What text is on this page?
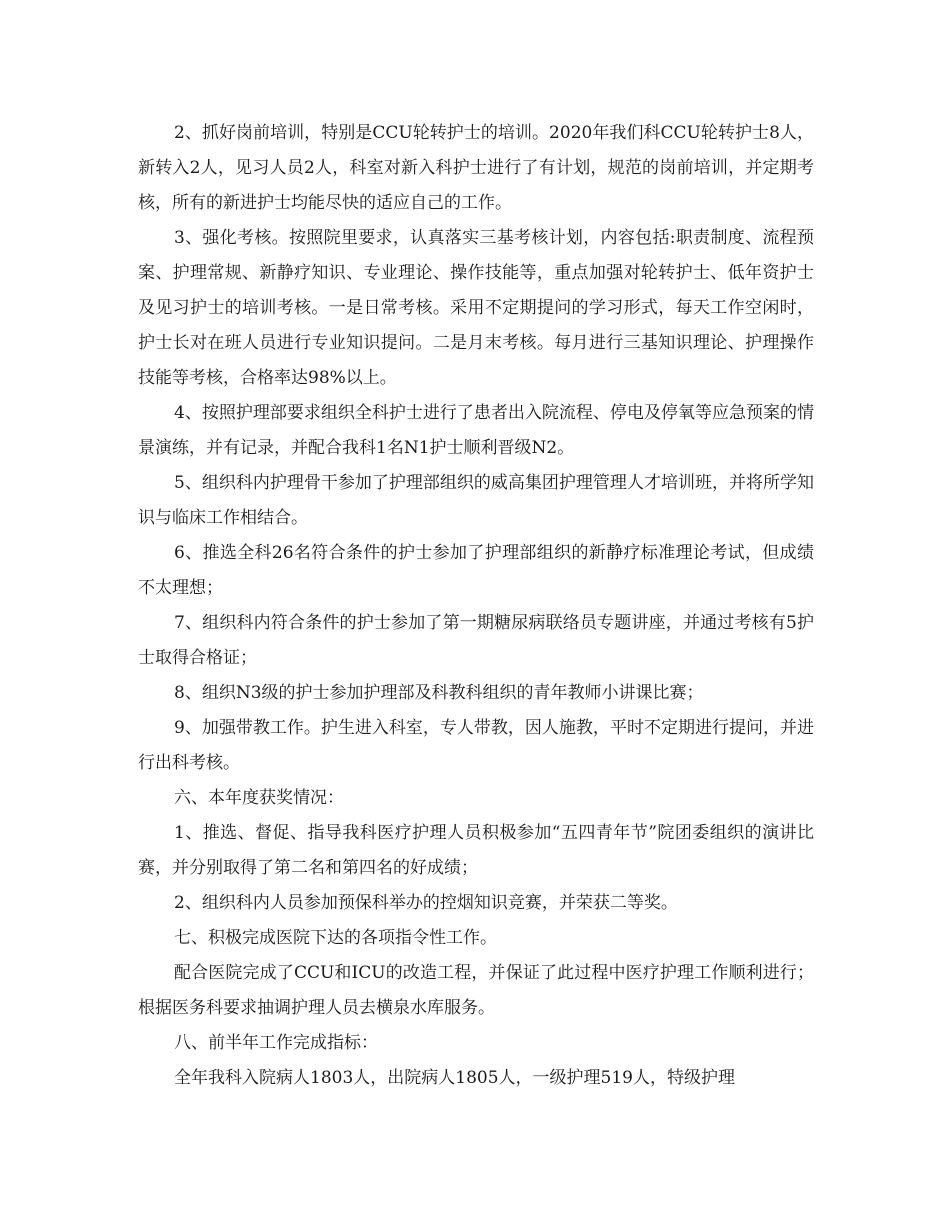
2、抓好岗前培训，特别是CCU轮转护士的培训。2020年我们科CCU轮转护士8人，新转入2人，见习人员2人，科室对新入科护士进行了有计划，规范的岗前培训，并定期考核，所有的新进护士均能尽快的适应自己的工作。

3、强化考核。按照院里要求，认真落实三基考核计划，内容包括:职责制度、流程预案、护理常规、新静疗知识、专业理论、操作技能等，重点加强对轮转护士、低年资护士及见习护士的培训考核。一是日常考核。采用不定期提问的学习形式，每天工作空闲时，护士长对在班人员进行专业知识提问。二是月末考核。每月进行三基知识理论、护理操作技能等考核，合格率达98%以上。

4、按照护理部要求组织全科护士进行了患者出入院流程、停电及停氧等应急预案的情景演练，并有记录，并配合我科1名N1护士顺利晋级N2。

5、组织科内护理骨干参加了护理部组织的威高集团护理管理人才培训班，并将所学知识与临床工作相结合。

6、推选全科26名符合条件的护士参加了护理部组织的新静疗标准理论考试，但成绩不太理想；

7、组织科内符合条件的护士参加了第一期糖尿病联络员专题讲座，并通过考核有5护士取得合格证；

8、组织N3级的护士参加护理部及科教科组织的青年教师小讲课比赛；

9、加强带教工作。护生进入科室，专人带教，因人施教，平时不定期进行提问，并进行出科考核。

六、本年度获奖情况：

1、推选、督促、指导我科医疗护理人员积极参加“五四青年节”院团委组织的演讲比赛，并分别取得了第二名和第四名的好成绩；

2、组织科内人员参加预保科举办的控烟知识竞赛，并荣获二等奖。

七、积极完成医院下达的各项指令性工作。

配合医院完成了CCU和ICU的改造工程，并保证了此过程中医疗护理工作顺利进行；根据医务科要求抽调护理人员去横泉水库服务。

八、前半年工作完成指标：

全年我科入院病人1803人，出院病人1805人，一级护理519人，特级护理
